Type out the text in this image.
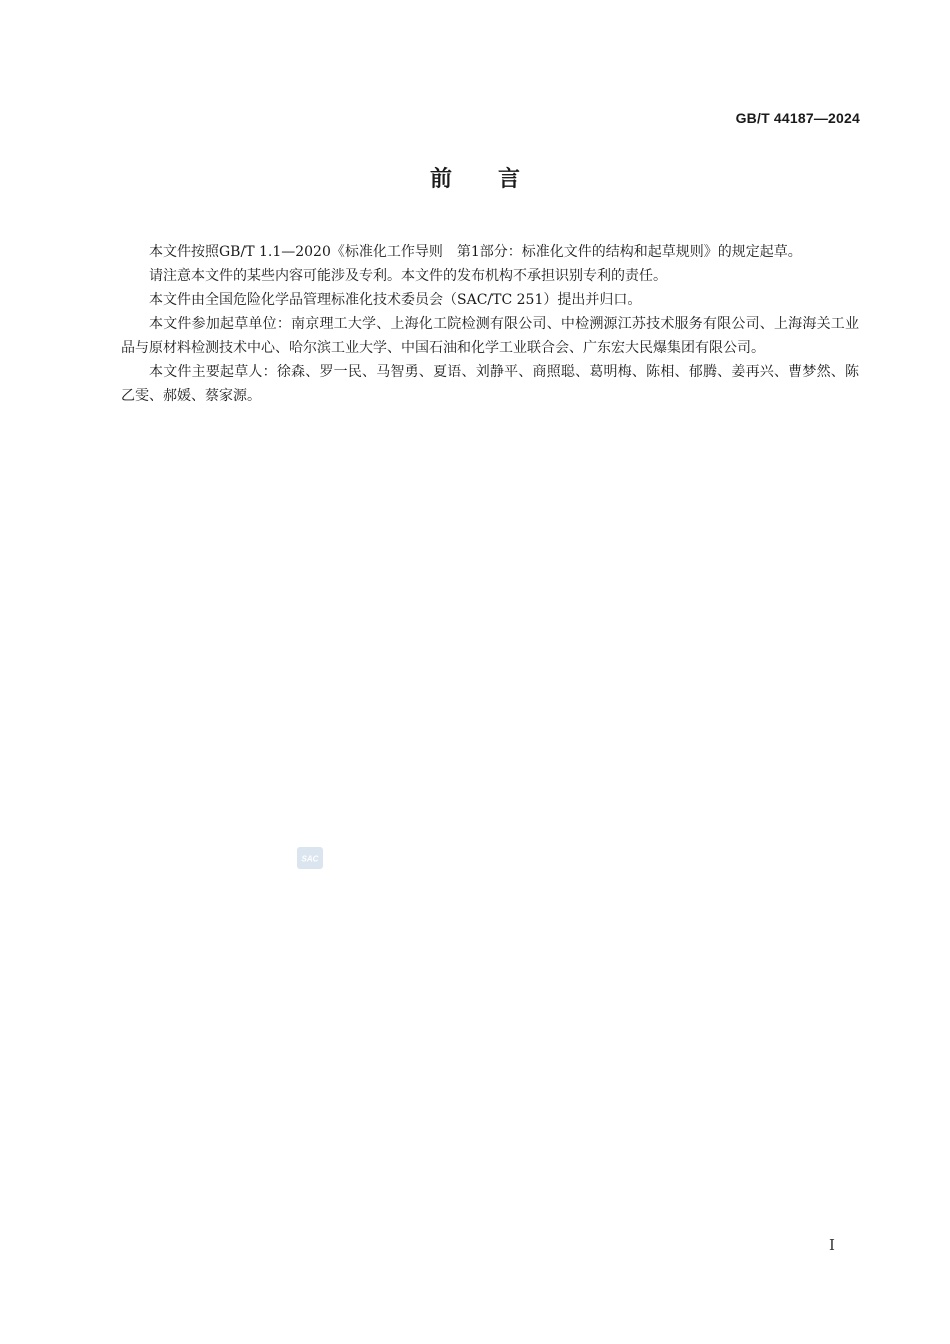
GB/T 44187—2024
前言

本文件按照GB/T 1.1—2020《标准化工作导则　第1部分：标准化文件的结构和起草规则》的规定起草。

请注意本文件的某些内容可能涉及专利。本文件的发布机构不承担识别专利的责任。

本文件由全国危险化学品管理标准化技术委员会（SAC/TC 251）提出并归口。

本文件参加起草单位：南京理工大学、上海化工院检测有限公司、中检溯源江苏技术服务有限公司、上海海关工业品与原材料检测技术中心、哈尔滨工业大学、中国石油和化学工业联合会、广东宏大民爆集团有限公司。

本文件主要起草人：徐森、罗一民、马智勇、夏语、刘静平、商照聪、葛明梅、陈相、郁腾、姜再兴、曹梦然、陈乙雯、郝媛、蔡家源。

SAC
I
